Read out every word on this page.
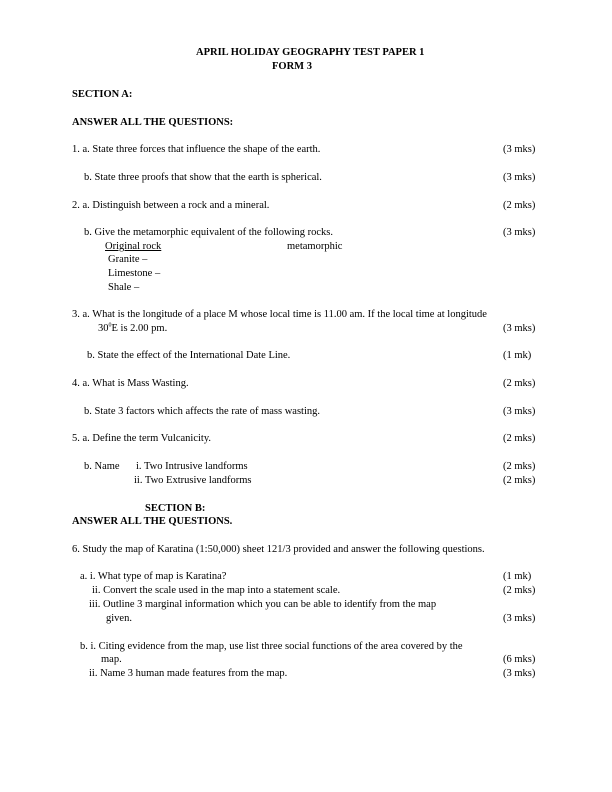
APRIL HOLIDAY GEOGRAPHY TEST PAPER 1
FORM 3
SECTION A:
ANSWER ALL THE QUESTIONS:
1. a. State three forces that influence the shape of the earth.	(3 mks)
b. State three proofs that show that the earth is spherical.	(3 mks)
2. a. Distinguish between a rock and a mineral.	(2 mks)
b. Give the metamorphic equivalent of the following rocks.	(3 mks)
Original rock	metamorphic
Granite –
Limestone –
Shale –
3. a. What is the longitude of a place M whose local time is 11.00 am. If the local time at longitude
$30^0E$ is 2.00 pm.	(3 mks)
b. State the effect of the International Date Line.	(1 mk)
4. a. What is Mass Wasting.	(2 mks)
b. State 3 factors which affects the rate of mass wasting.	(3 mks)
5. a. Define the term Vulcanicity.	(2 mks)
b. Name i. Two Intrusive landforms	(2 mks)
ii. Two Extrusive landforms	(2 mks)
SECTION B:
ANSWER ALL THE QUESTIONS.
6. Study the map of Karatina (1:50,000) sheet 121/3 provided and answer the following questions.
a. i. What type of map is Karatina?	(1 mk)
ii. Convert the scale used in the map into a statement scale.	(2 mks)
iii. Outline 3 marginal information which you can be able to identify from the map
given.	(3 mks)
b. i. Citing evidence from the map, use list three social functions of the area covered by the
map.	(6 mks)
ii. Name 3 human made features from the map.	(3 mks)
